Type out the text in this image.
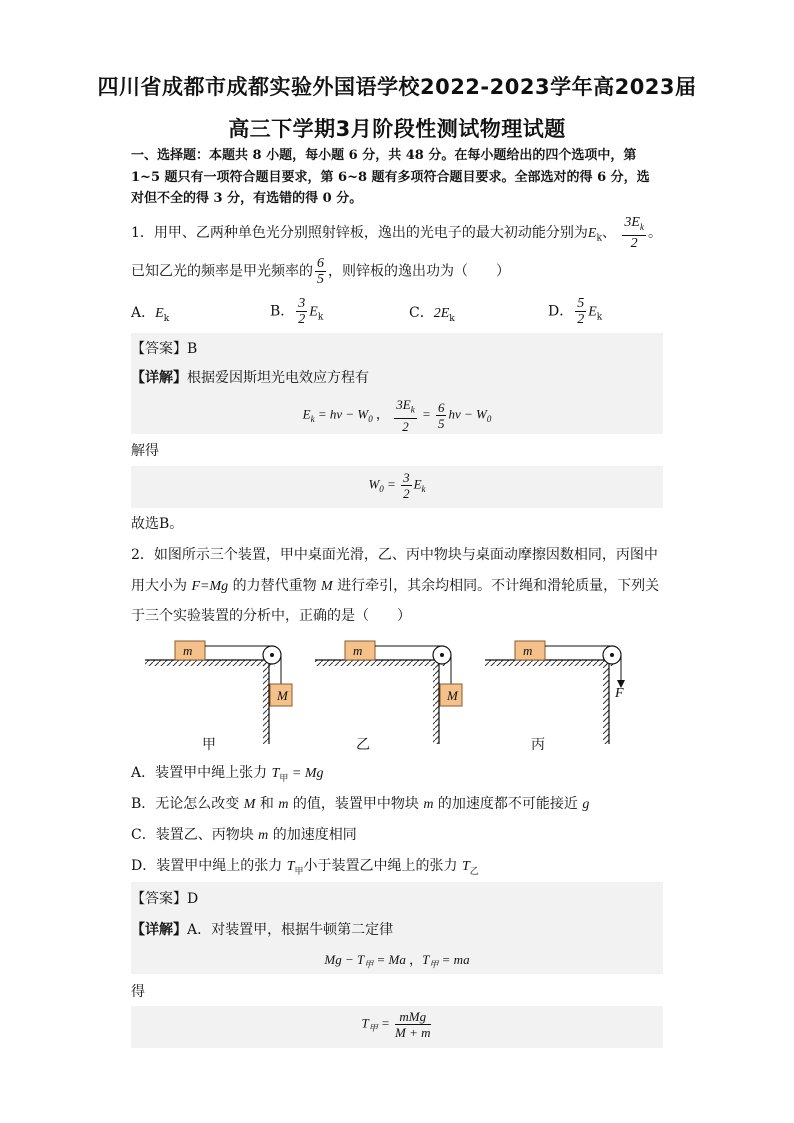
四川省成都市成都实验外国语学校2022-2023学年高2023届
高三下学期3月阶段性测试物理试题
一、选择题：本题共 8 小题，每小题 6 分，共 48 分。在每小题给出的四个选项中，第
1~5 题只有一项符合题目要求，第 6~8 题有多项符合题目要求。全部选对的得 6 分，选
对但不全的得 3 分，有选错的得 0 分。
1．用甲、乙两种单色光分别照射锌板，逸出的光电子的最大初动能分别为$E_k$、 $\frac{3E_k}{2}$ 。
已知乙光的频率是甲光频率的 $\frac{6}{5}$ ，则锌板的逸出功为（　　）
A．$E_k$	B． $\frac{3}{2} E_k$	C．$2E_k$	D． $\frac{5}{2} E_k$
【答案】B
【详解】根据爱因斯坦光电效应方程有
$E_k = h\nu - W_0$ ， $\frac{3E_k}{2} = \frac{6}{5}$ $h\nu - W_0$
解得
$W_0 = \frac{3}{2} E_k$
故选B。
2．如图所示三个装置，甲中桌面光滑，乙、丙中物块与桌面动摩擦因数相同，丙图中
用大小为 F=Mg 的力替代重物 M 进行牵引，其余均相同。不计绳和滑轮质量，下列关
于三个实验装置的分析中，正确的是（　　）
m
M
m
M
m
F
甲	乙	丙
A．装置甲中绳上张力 $T_甲 = Mg$
B．无论怎么改变 M 和 m 的值，装置甲中物块 m 的加速度都不可能接近 g
C．装置乙、丙物块 m 的加速度相同
D．装置甲中绳上的张力 $T_甲$小于装置乙中绳上的张力 $T_乙$
【答案】D
【详解】A．对装置甲，根据牛顿第二定律
$Mg - T_甲 = Ma$ ，$T_甲$ = ma
得
$T_甲 = \frac{\text{mMg}}{M + m}$
